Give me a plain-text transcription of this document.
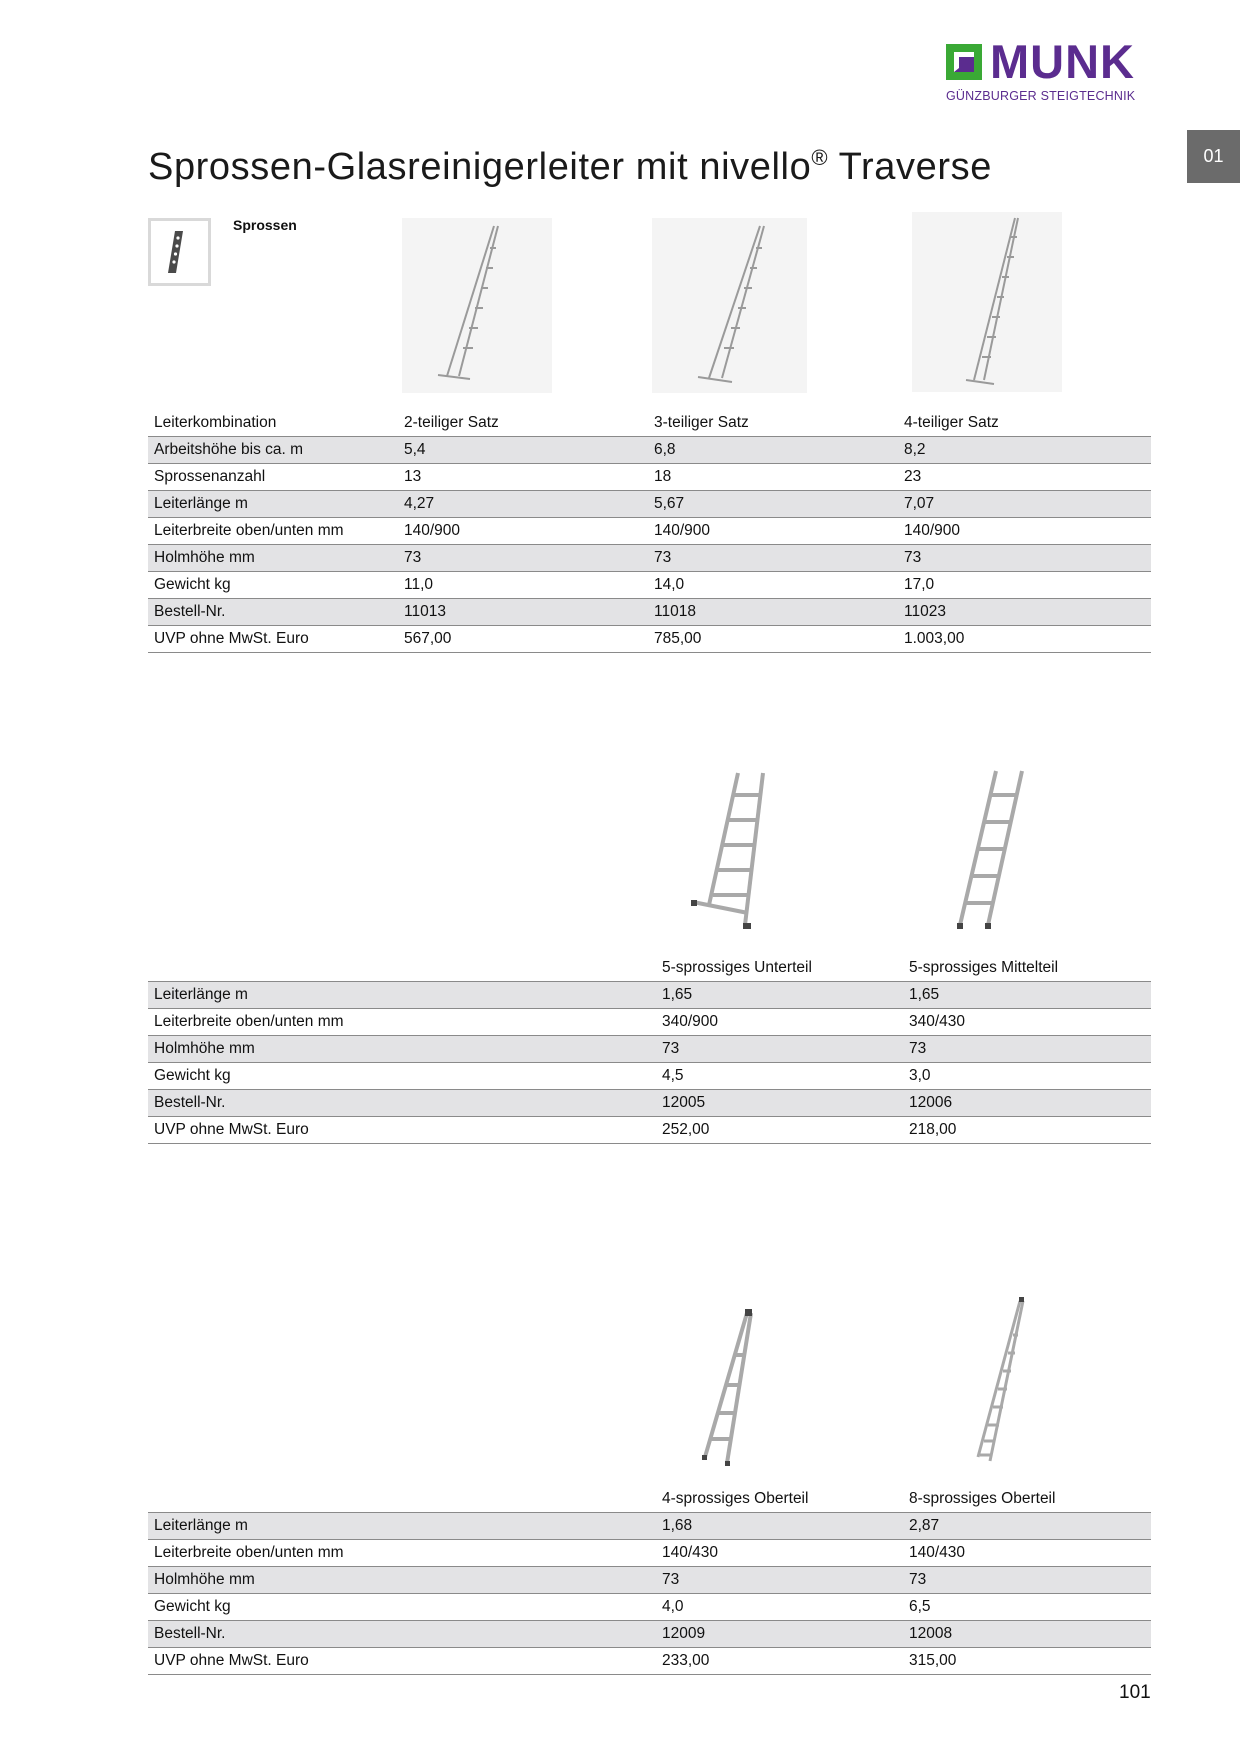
MUNK
GÜNZBURGER STEIGTECHNIK
01
Sprossen-Glasreinigerleiter mit nivello® Traverse
Sprossen
Leiterkombination	2-teiliger Satz	3-teiliger Satz	4-teiliger Satz
Arbeitshöhe bis ca. m	5,4	6,8	8,2
Sprossenanzahl	13	18	23
Leiterlänge m	4,27	5,67	7,07
Leiterbreite oben/unten mm	140/900	140/900	140/900
Holmhöhe mm	73	73	73
Gewicht kg	11,0	14,0	17,0
Bestell-Nr.	11013	11018	11023
UVP ohne MwSt. Euro	567,00	785,00	1.003,00
		5-sprossiges Unterteil	5-sprossiges Mittelteil
Leiterlänge m		1,65	1,65
Leiterbreite oben/unten mm		340/900	340/430
Holmhöhe mm		73	73
Gewicht kg		4,5	3,0
Bestell-Nr.		12005	12006
UVP ohne MwSt. Euro		252,00	218,00
		4-sprossiges Oberteil	8-sprossiges Oberteil
Leiterlänge m		1,68	2,87
Leiterbreite oben/unten mm		140/430	140/430
Holmhöhe mm		73	73
Gewicht kg		4,0	6,5
Bestell-Nr.		12009	12008
UVP ohne MwSt. Euro		233,00	315,00
101
